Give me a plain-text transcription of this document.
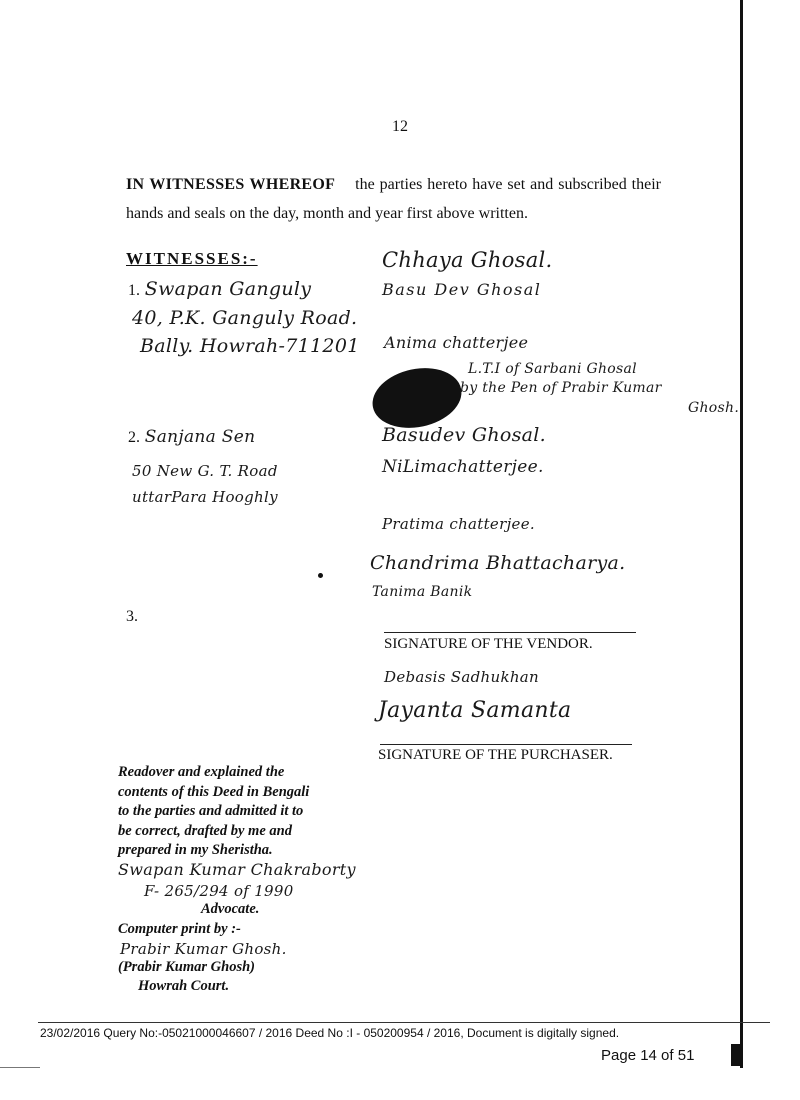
12
IN WITNESSES WHEREOF the parties hereto have set and subscribed their hands and seals on the day, month and year first above written.
WITNESSES:-
1. Swapan Ganguly
40, P.K. Ganguly Road.
Bally. Howrah-711201
2. Sanjana Sen
50 New G. T. Road
uttarPara Hooghly
3.
Chhaya Ghosal.
Basu Dev Ghosal
Anima chatterjee
L.T.I of Sarbani Ghosal
by the Pen of Prabir Kumar
Ghosh.
Basudev Ghosal.
NiLimachatterjee.
Pratima chatterjee.
Chandrima Bhattacharya.
Tanima Banik
SIGNATURE OF THE VENDOR.
Debasis Sadhukhan
Jayanta Samanta
SIGNATURE OF THE PURCHASER.
Readover and explained the
contents of this Deed in Bengali
to the parties and admitted it to
be correct, drafted by me and
prepared in my Sheristha.
Swapan Kumar Chakraborty
F- 265/294 of 1990
Advocate.
Computer print by :-
Prabir Kumar Ghosh.
(Prabir Kumar Ghosh)
Howrah Court.
23/02/2016 Query No:-05021000046607 / 2016 Deed No :I - 050200954 / 2016, Document is digitally signed.
Page 14 of 51
